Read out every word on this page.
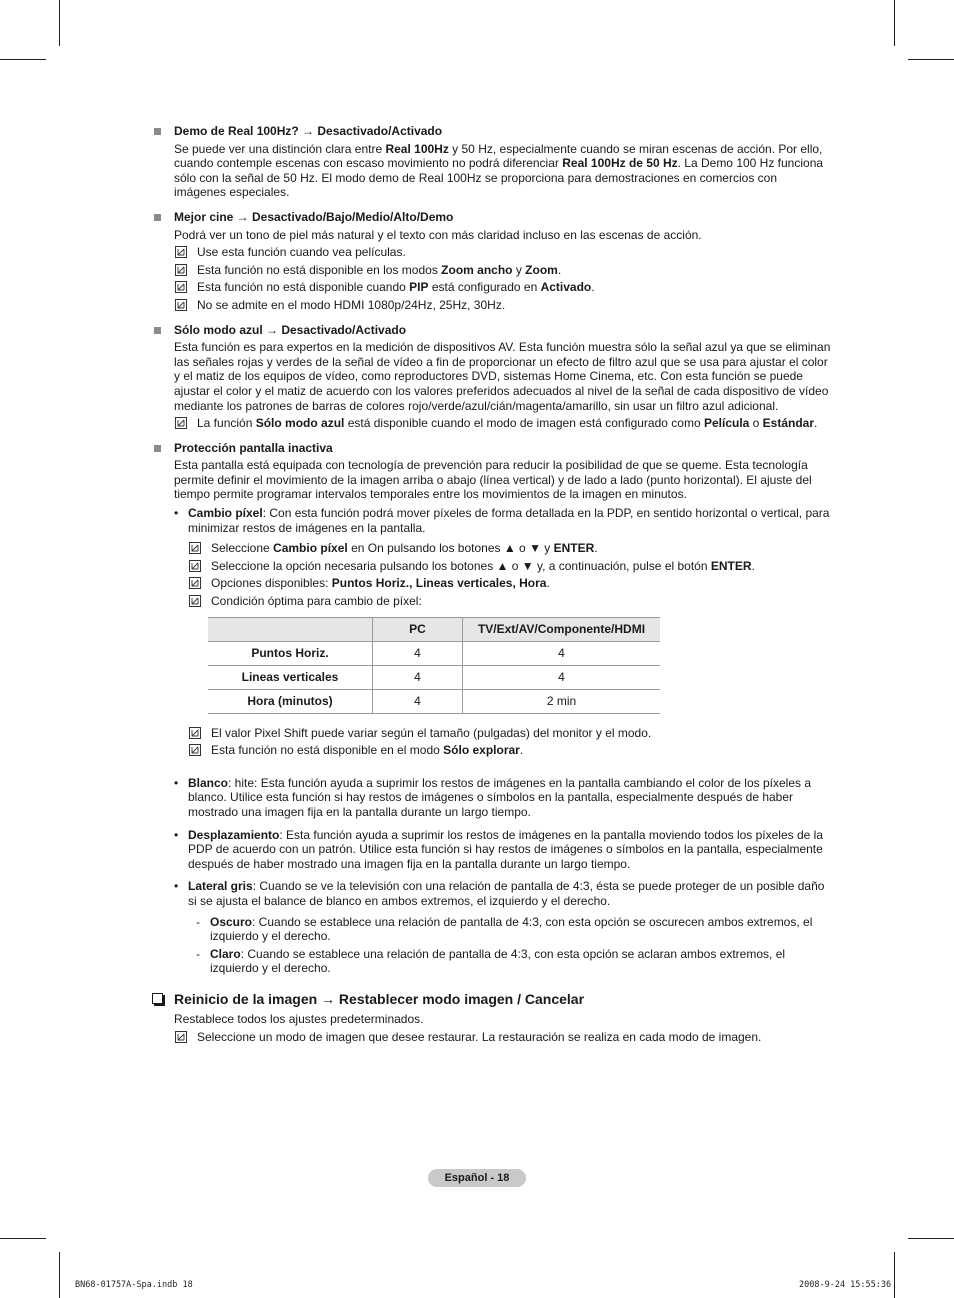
Demo de Real 100Hz? → Desactivado/Activado

Se puede ver una distinción clara entre Real 100Hz y 50 Hz, especialmente cuando se miran escenas de acción. Por ello, cuando contemple escenas con escaso movimiento no podrá diferenciar Real 100Hz de 50 Hz. La Demo 100 Hz funciona sólo con la señal de 50 Hz. El modo demo de Real 100Hz se proporciona para demostraciones en comercios con imágenes especiales.

Mejor cine → Desactivado/Bajo/Medio/Alto/Demo

Podrá ver un tono de piel más natural y el texto con más claridad incluso en las escenas de acción.

Use esta función cuando vea películas.
Esta función no está disponible en los modos Zoom ancho y Zoom.
Esta función no está disponible cuando PIP está configurado en Activado.
No se admite en el modo HDMI 1080p/24Hz, 25Hz, 30Hz.
Sólo modo azul → Desactivado/Activado

Esta función es para expertos en la medición de dispositivos AV. Esta función muestra sólo la señal azul ya que se eliminan las señales rojas y verdes de la señal de vídeo a fin de proporcionar un efecto de filtro azul que se usa para ajustar el color y el matiz de los equipos de vídeo, como reproductores DVD, sistemas Home Cinema, etc. Con esta función se puede ajustar el color y el matiz de acuerdo con los valores preferidos adecuados al nivel de la señal de cada dispositivo de vídeo mediante los patrones de barras de colores rojo/verde/azul/cián/magenta/amarillo, sin usar un filtro azul adicional.

La función Sólo modo azul está disponible cuando el modo de imagen está configurado como Película o Estándar.
Protección pantalla inactiva

Esta pantalla está equipada con tecnología de prevención para reducir la posibilidad de que se queme. Esta tecnología permite definir el movimiento de la imagen arriba o abajo (línea vertical) y de lado a lado (punto horizontal). El ajuste del tiempo permite programar intervalos temporales entre los movimientos de la imagen en minutos.

• Cambio píxel: Con esta función podrá mover píxeles de forma detallada en la PDP, en sentido horizontal o vertical, para minimizar restos de imágenes en la pantalla.
Seleccione Cambio píxel en On pulsando los botones ▲ o ▼ y ENTER.
Seleccione la opción necesaria pulsando los botones ▲ o ▼ y, a continuación, pulse el botón ENTER.
Opciones disponibles: Puntos Horiz., Lineas verticales, Hora.
Condición óptima para cambio de píxel:
	PC	TV/Ext/AV/Componente/HDMI
Puntos Horiz.	4	4
Lineas verticales	4	4
Hora (minutos)	4	2 min
El valor Pixel Shift puede variar según el tamaño (pulgadas) del monitor y el modo.
Esta función no está disponible en el modo Sólo explorar.
• Blanco: hite: Esta función ayuda a suprimir los restos de imágenes en la pantalla cambiando el color de los píxeles a blanco. Utilice esta función si hay restos de imágenes o símbolos en la pantalla, especialmente después de haber mostrado una imagen fija en la pantalla durante un largo tiempo.
• Desplazamiento: Esta función ayuda a suprimir los restos de imágenes en la pantalla moviendo todos los píxeles de la PDP de acuerdo con un patrón. Utilice esta función si hay restos de imágenes o símbolos en la pantalla, especialmente después de haber mostrado una imagen fija en la pantalla durante un largo tiempo.
• Lateral gris: Cuando se ve la televisión con una relación de pantalla de 4:3, ésta se puede proteger de un posible daño si se ajusta el balance de blanco en ambos extremos, el izquierdo y el derecho.
- Oscuro: Cuando se establece una relación de pantalla de 4:3, con esta opción se oscurecen ambos extremos, el izquierdo y el derecho.
- Claro: Cuando se establece una relación de pantalla de 4:3, con esta opción se aclaran ambos extremos, el izquierdo y el derecho.
Reinicio de la imagen → Restablecer modo imagen / Cancelar

Restablece todos los ajustes predeterminados.

Seleccione un modo de imagen que desee restaurar. La restauración se realiza en cada modo de imagen.
Español - 18
BN68-01757A-Spa.indb 18	2008-9-24 15:55:36
